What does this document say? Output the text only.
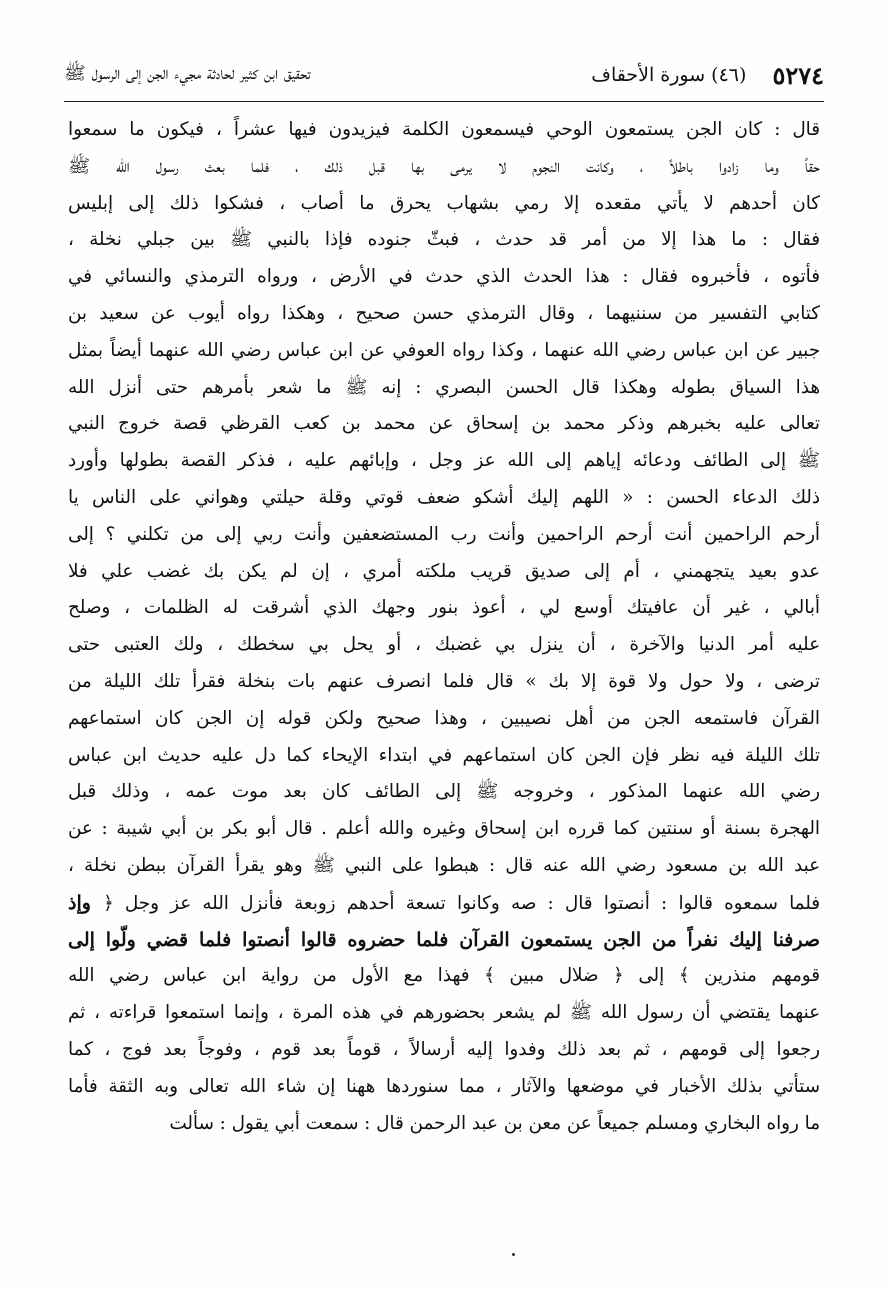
٥٢٧٤
(٤٦) سورة الأحقاف
تحقيق ابن كثير لحادثة مجيء الجن إلى الرسول ﷺ
قال : كان الجن يستمعون الوحي فيسمعون الكلمة فيزيدون فيها عشراً ، فيكون ما سمعوا
حقاً وما زادوا باطلاً ، وكانت النجوم لا يرمى بها قبل ذلك ، فلما بعث رسول الله ﷺ
كان أحدهم لا يأتي مقعده إلا رمي بشهاب يحرق ما أصاب ، فشكوا ذلك إلى إبليس
فقال : ما هذا إلا من أمر قد حدث ، فبثّ جنوده فإذا بالنبي ﷺ بين جبلي نخلة ،
فأتوه ، فأخبروه فقال : هذا الحدث الذي حدث في الأرض ، ورواه الترمذي والنسائي في
كتابي التفسير من سننيهما ، وقال الترمذي حسن صحيح ، وهكذا رواه أيوب عن سعيد بن
جبير عن ابن عباس رضي الله عنهما ، وكذا رواه العوفي عن ابن عباس رضي الله عنهما أيضاً بمثل
هذا السياق بطوله وهكذا قال الحسن البصري : إنه ﷺ ما شعر بأمرهم حتى أنزل الله
تعالى عليه بخبرهم وذكر محمد بن إسحاق عن محمد بن كعب القرظي قصة خروج النبي
ﷺ إلى الطائف ودعائه إياهم إلى الله عز وجل ، وإبائهم عليه ، فذكر القصة بطولها وأورد
ذلك الدعاء الحسن : « اللهم إليك أشكو ضعف قوتي وقلة حيلتي وهواني على الناس يا
أرحم الراحمين أنت أرحم الراحمين وأنت رب المستضعفين وأنت ربي إلى من تكلني ؟ إلى
عدو بعيد يتجهمني ، أم إلى صديق قريب ملكته أمري ، إن لم يكن بك غضب علي فلا
أبالي ، غير أن عافيتك أوسع لي ، أعوذ بنور وجهك الذي أشرقت له الظلمات ، وصلح
عليه أمر الدنيا والآخرة ، أن ينزل بي غضبك ، أو يحل بي سخطك ، ولك العتبى حتى
ترضى ، ولا حول ولا قوة إلا بك » قال فلما انصرف عنهم بات بنخلة فقرأ تلك الليلة من
القرآن فاستمعه الجن من أهل نصيبين ، وهذا صحيح ولكن قوله إن الجن كان استماعهم
تلك الليلة فيه نظر فإن الجن كان استماعهم في ابتداء الإيحاء كما دل عليه حديث ابن عباس
رضي الله عنهما المذكور ، وخروجه ﷺ إلى الطائف كان بعد موت عمه ، وذلك قبل
الهجرة بسنة أو سنتين كما قرره ابن إسحاق وغيره والله أعلم . قال أبو بكر بن أبي شيبة : عن
عبد الله بن مسعود رضي الله عنه قال : هبطوا على النبي ﷺ وهو يقرأ القرآن ببطن نخلة ،
فلما سمعوه قالوا : أنصتوا قال : صه وكانوا تسعة أحدهم زوبعة فأنزل الله عز وجل ﴿ وإذ
صرفنا إليك نفراً من الجن يستمعون القرآن فلما حضروه قالوا أنصتوا فلما قضي ولّوا إلى
قومهم منذرين ﴾ إلى ﴿ ضلال مبين ﴾ فهذا مع الأول من رواية ابن عباس رضي الله
عنهما يقتضي أن رسول الله ﷺ لم يشعر بحضورهم في هذه المرة ، وإنما استمعوا قراءته ، ثم
رجعوا إلى قومهم ، ثم بعد ذلك وفدوا إليه أرسالاً ، قوماً بعد قوم ، وفوجاً بعد فوج ، كما
ستأتي بذلك الأخبار في موضعها والآثار ، مما سنوردها ههنا إن شاء الله تعالى وبه الثقة فأما
ما رواه البخاري ومسلم جميعاً عن معن بن عبد الرحمن قال : سمعت أبي يقول : سألت
